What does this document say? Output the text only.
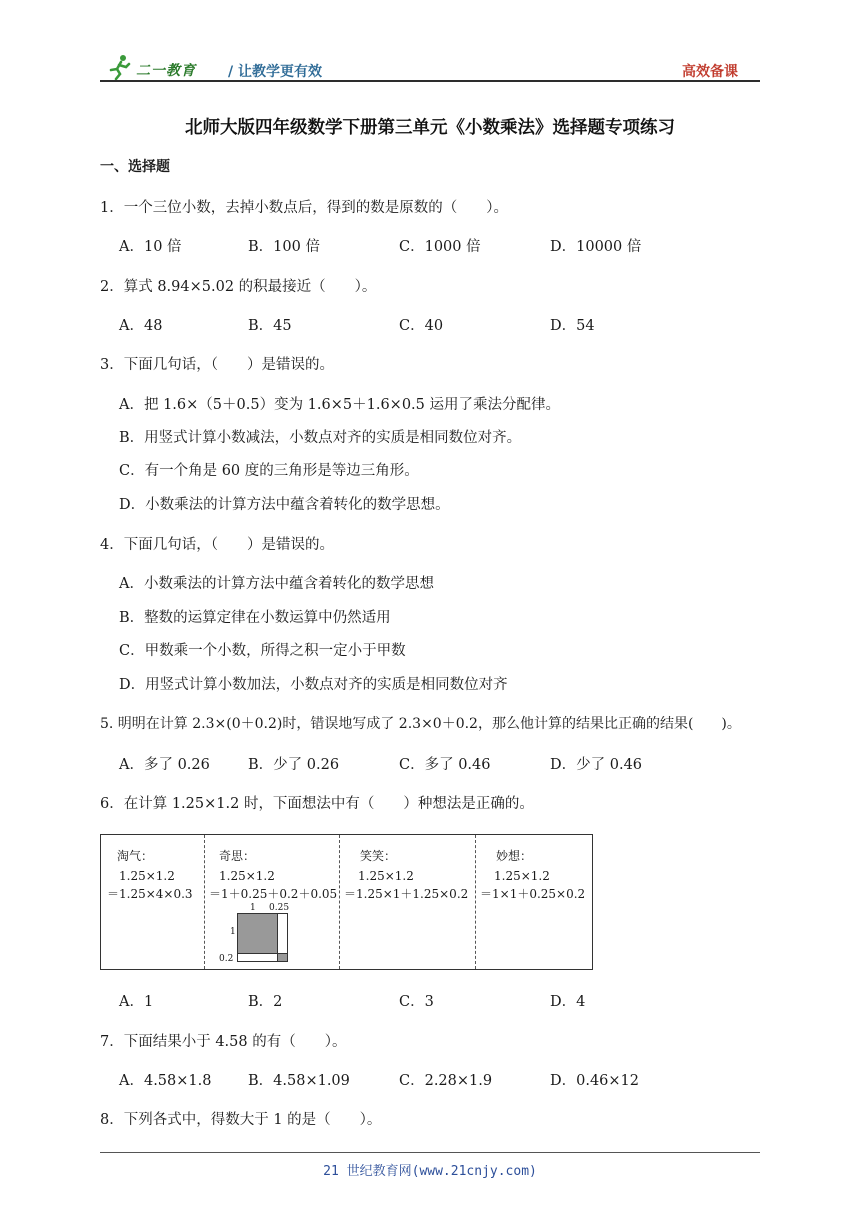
二一教育 / 让教学更有效	高效备课
北师大版四年级数学下册第三单元《小数乘法》选择题专项练习
一、选择题
1．一个三位小数，去掉小数点后，得到的数是原数的（　　）。
A．10 倍	B．100 倍	C．1000 倍	D．10000 倍
2．算式 8.94×5.02 的积最接近（　　）。
A．48	B．45	C．40	D．54
3．下面几句话，（　　）是错误的。
A．把 1.6×（5＋0.5）变为 1.6×5＋1.6×0.5 运用了乘法分配律。
B．用竖式计算小数减法，小数点对齐的实质是相同数位对齐。
C．有一个角是 60 度的三角形是等边三角形。
D．小数乘法的计算方法中蕴含着转化的数学思想。
4．下面几句话，（　　）是错误的。
A．小数乘法的计算方法中蕴含着转化的数学思想
B．整数的运算定律在小数运算中仍然适用
C．甲数乘一个小数，所得之积一定小于甲数
D．用竖式计算小数加法，小数点对齐的实质是相同数位对齐
5. 明明在计算 2.3×(0＋0.2)时，错误地写成了 2.3×0＋0.2，那么他计算的结果比正确的结果(　　)。
A．多了 0.26	B．少了 0.26	C．多了 0.46	D．少了 0.46
6．在计算 1.25×1.2 时，下面想法中有（　　）种想法是正确的。
淘气：
1.25×1.2
＝1.25×4×0.3
奇思：
1.25×1.2
＝1＋0.25＋0.2＋0.05
1 0.25
1
0.2
笑笑：
1.25×1.2
＝1.25×1＋1.25×0.2
妙想：
1.25×1.2
＝1×1＋0.25×0.2
A．1	B．2	C．3	D．4
7．下面结果小于 4.58 的有（　　）。
A．4.58×1.8	B．4.58×1.09	C．2.28×1.9	D．0.46×12
8．下列各式中，得数大于 1 的是（　　）。
21 世纪教育网(www.21cnjy.com)
